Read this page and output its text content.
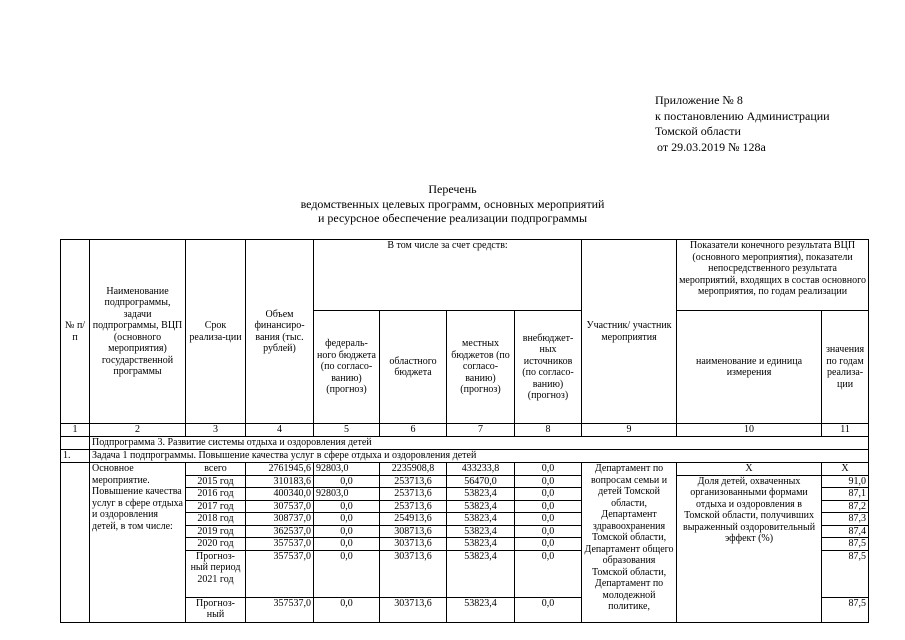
Приложение № 8
к постановлению Администрации
Томской области
от 29.03.2019 № 128а
Перечень
ведомственных целевых программ, основных мероприятий
и ресурсное обеспечение реализации подпрограммы
№ п/п	Наименование подпрограммы, задачи подпрограммы, ВЦП (основного мероприятия) государственной программы	Срок реализа-ции	Объем финансиро-вания (тыс. рублей)	В том числе за счет средств:				Участник/ участник мероприятия	Показатели конечного результата ВЦП (основного мероприятия), показатели непосредственного результата мероприятий, входящих в состав основного мероприятия, по годам реализации	
				федераль-ного бюджета (по согласо-ванию) (прогноз)	областного бюджета	местных бюджетов (по согласо-ванию) (прогноз)	внебюджет-ных источников (по согласо-ванию) (прогноз)		наименование и единица измерения	значения по годам реализа-ции
1	2	3	4	5	6	7	8	9	10	11
	Подпрограмма 3. Развитие системы отдыха и оздоровления детей									
1.	Задача 1 подпрограммы. Повышение качества услуг в сфере отдыха и оздоровления детей									
	Основное мероприятие. Повышение качества услуг в сфере отдыха и оздоровления детей, в том числе:	всего	2761945,6	92803,0	2235908,8	433233,8	0,0	Департамент по вопросам семьи и детей Томской области, Департамент здравоохранения Томской области, Департамент общего образования Томской области, Департамент по молодежной политике,	Х	Х
		2015 год	310183,6	0,0	253713,6	56470,0	0,0		Доля детей, охваченных организованными формами отдыха и оздоровления в Томской области, получивших выраженный оздоровительный эффект (%)	91,0
		2016 год	400340,0	92803,0	253713,6	53823,4	0,0			87,1
		2017 год	307537,0	0,0	253713,6	53823,4	0,0			87,2
		2018 год	308737,0	0,0	254913,6	53823,4	0,0			87,3
		2019 год	362537,0	0,0	308713,6	53823,4	0,0			87,4
		2020 год	357537,0	0,0	303713,6	53823,4	0,0			87,5
		Прогноз-ный период 2021 год	357537,0	0,0	303713,6	53823,4	0,0			87,5
		Прогноз-ный	357537,0	0,0	303713,6	53823,4	0,0			87,5
